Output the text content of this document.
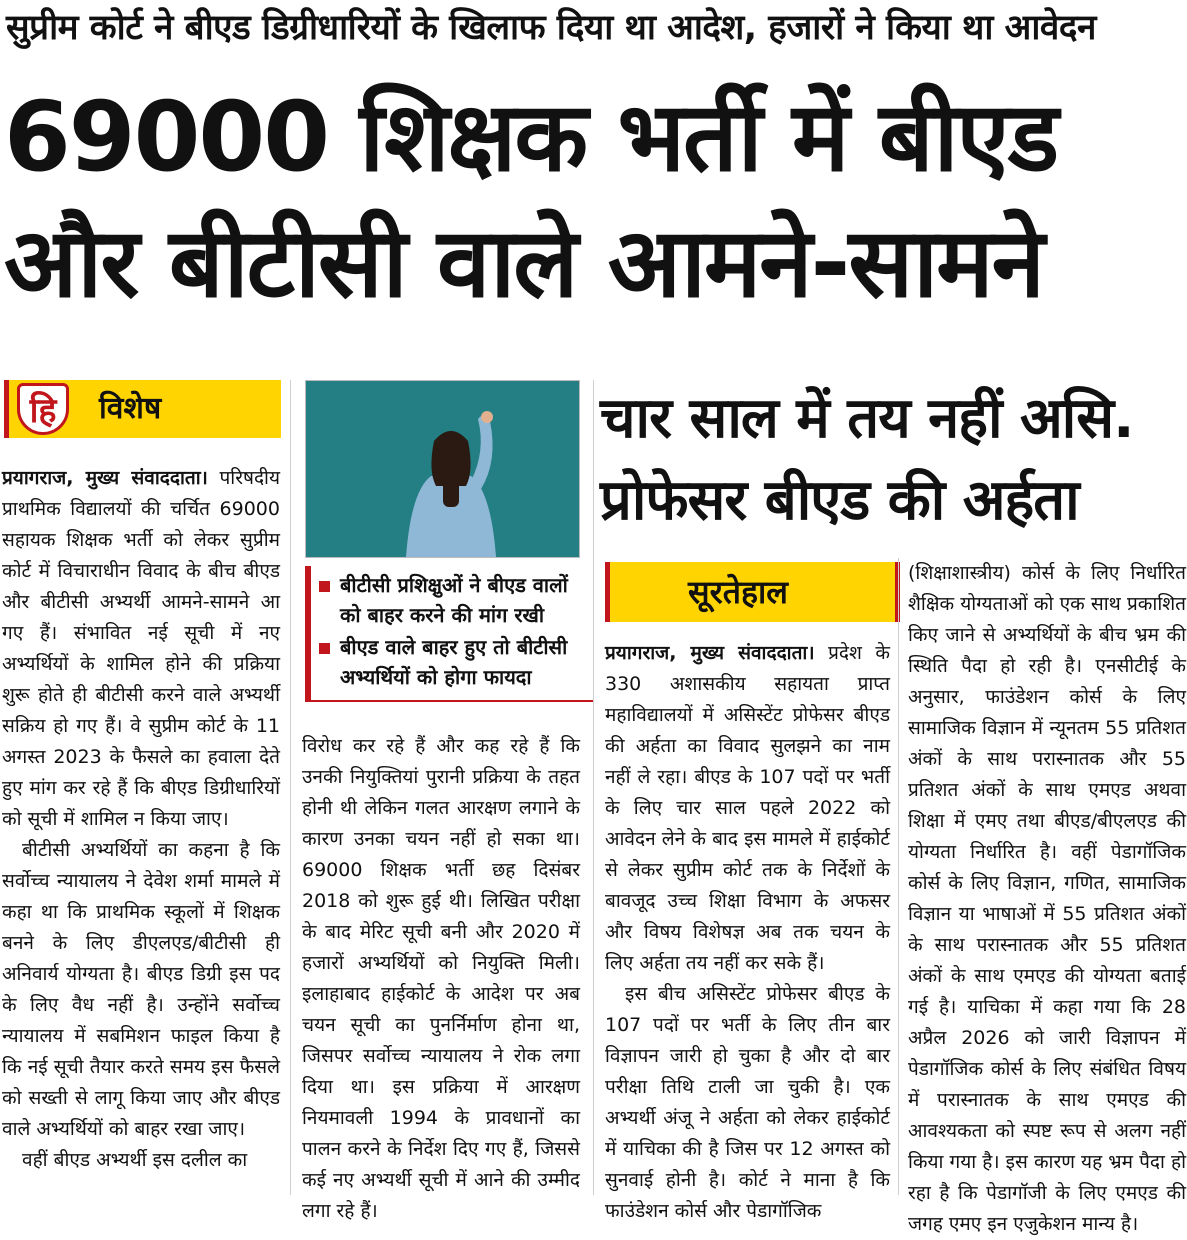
सुप्रीम कोर्ट ने बीएड डिग्रीधारियों के खिलाफ दिया था आदेश, हजारों ने किया था आवेदन
69000 शिक्षक भर्ती में बीएड
और बीटीसी वाले आमने-सामने
हि	विशेष

प्रयागराज, मुख्य संवाददाता। परिषदीय प्राथमिक विद्यालयों की चर्चित 69000 सहायक शिक्षक भर्ती को लेकर सुप्रीम कोर्ट में विचाराधीन विवाद के बीच बीएड और बीटीसी अभ्यर्थी आमने-सामने आ गए हैं। संभावित नई सूची में नए अभ्यर्थियों के शामिल होने की प्रक्रिया शुरू होते ही बीटीसी करने वाले अभ्यर्थी सक्रिय हो गए हैं। वे सुप्रीम कोर्ट के 11 अगस्त 2023 के फैसले का हवाला देते हुए मांग कर रहे हैं कि बीएड डिग्रीधारियों को सूची में शामिल न किया जाए।

बीटीसी अभ्यर्थियों का कहना है कि सर्वोच्च न्यायालय ने देवेश शर्मा मामले में कहा था कि प्राथमिक स्कूलों में शिक्षक बनने के लिए डीएलएड/बीटीसी ही अनिवार्य योग्यता है। बीएड डिग्री इस पद के लिए वैध नहीं है। उन्होंने सर्वोच्च न्यायालय में सबमिशन फाइल किया है कि नई सूची तैयार करते समय इस फैसले को सख्ती से लागू किया जाए और बीएड वाले अभ्यर्थियों को बाहर रखा जाए।

वहीं बीएड अभ्यर्थी इस दलील का

बीटीसी प्रशिक्षुओं ने बीएड वालों को बाहर करने की मांग रखी
बीएड वाले बाहर हुए तो बीटीसी अभ्यर्थियों को होगा फायदा

विरोध कर रहे हैं और कह रहे हैं कि उनकी नियुक्तियां पुरानी प्रक्रिया के तहत होनी थी लेकिन गलत आरक्षण लगाने के कारण उनका चयन नहीं हो सका था। 69000 शिक्षक भर्ती छह दिसंबर 2018 को शुरू हुई थी। लिखित परीक्षा के बाद मेरिट सूची बनी और 2020 में हजारों अभ्यर्थियों को नियुक्ति मिली। इलाहाबाद हाईकोर्ट के आदेश पर अब चयन सूची का पुनर्निर्माण होना था, जिसपर सर्वोच्च न्यायालय ने रोक लगा दिया था। इस प्रक्रिया में आरक्षण नियमावली 1994 के प्रावधानों का पालन करने के निर्देश दिए गए हैं, जिससे कई नए अभ्यर्थी सूची में आने की उम्मीद लगा रहे हैं।

चार साल में तय नहीं असि.
प्रोफेसर बीएड की अर्हता
सूरतेहाल

प्रयागराज, मुख्य संवाददाता। प्रदेश के 330 अशासकीय सहायता प्राप्त महाविद्यालयों में असिस्टेंट प्रोफेसर बीएड की अर्हता का विवाद सुलझने का नाम नहीं ले रहा। बीएड के 107 पदों पर भर्ती के लिए चार साल पहले 2022 को आवेदन लेने के बाद इस मामले में हाईकोर्ट से लेकर सुप्रीम कोर्ट तक के निर्देशों के बावजूद उच्च शिक्षा विभाग के अफसर और विषय विशेषज्ञ अब तक चयन के लिए अर्हता तय नहीं कर सके हैं।

इस बीच असिस्टेंट प्रोफेसर बीएड के 107 पदों पर भर्ती के लिए तीन बार विज्ञापन जारी हो चुका है और दो बार परीक्षा तिथि टाली जा चुकी है। एक अभ्यर्थी अंजू ने अर्हता को लेकर हाईकोर्ट में याचिका की है जिस पर 12 अगस्त को सुनवाई होनी है। कोर्ट ने माना है कि फाउंडेशन कोर्स और पेडागॉजिक

(शिक्षाशास्त्रीय) कोर्स के लिए निर्धारित शैक्षिक योग्यताओं को एक साथ प्रकाशित किए जाने से अभ्यर्थियों के बीच भ्रम की स्थिति पैदा हो रही है। एनसीटीई के अनुसार, फाउंडेशन कोर्स के लिए सामाजिक विज्ञान में न्यूनतम 55 प्रतिशत अंकों के साथ परास्नातक और 55 प्रतिशत अंकों के साथ एमएड अथवा शिक्षा में एमए तथा बीएड/बीएलएड की योग्यता निर्धारित है। वहीं पेडागॉजिक कोर्स के लिए विज्ञान, गणित, सामाजिक विज्ञान या भाषाओं में 55 प्रतिशत अंकों के साथ परास्नातक और 55 प्रतिशत अंकों के साथ एमएड की योग्यता बताई गई है। याचिका में कहा गया कि 28 अप्रैल 2026 को जारी विज्ञापन में पेडागॉजिक कोर्स के लिए संबंधित विषय में परास्नातक के साथ एमएड की आवश्यकता को स्पष्ट रूप से अलग नहीं किया गया है। इस कारण यह भ्रम पैदा हो रहा है कि पेडागॉजी के लिए एमएड की जगह एमए इन एजुकेशन मान्य है।
